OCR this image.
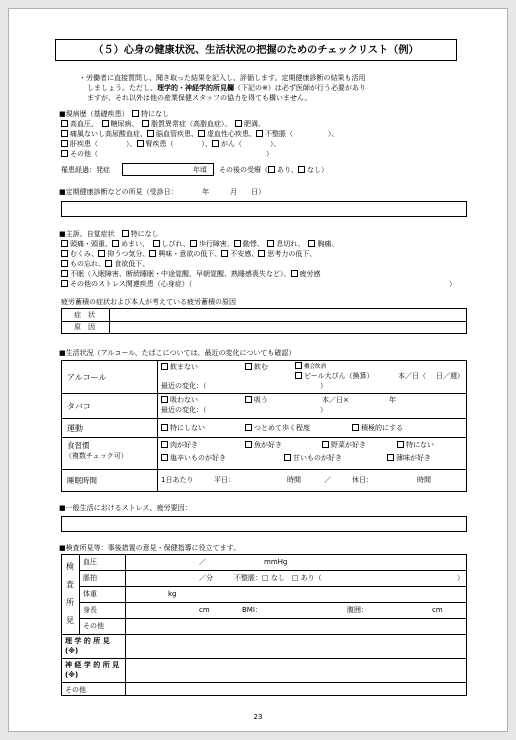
（５）心身の健康状況、生活状況の把握のためのチェックリスト（例）
・労働者に直接質問し、聞き取った結果を記入し、評価します。定期健康診断の結果も活用
しましょう。ただし、理学的・神経学的所見欄（下記の※）は必ず医師が行う必要があり
ますが、それ以外は他の産業保健スタッフの協力を得ても構いません。
■現病歴（基礎疾患）　 特になし
高血圧、　 糖尿病、　 脂質異常症（高脂血症）、　 肥満、
痛風ないし高尿酸血症、 脳血管疾患、 虚血性心疾患、 不整脈（　　　　　	）、
肝疾患（　　　　	）、 腎疾患（　　　　	）、 がん（　　　　	）、
その他（　　　　　　　　　　　　　　　　　　　　　　　　	）
罹患経過：発症	年頃 その後の受療（ あり、 なし）
■定期健康診断などの所見（受診日：　　　　	年　　　	月　　 日）
■主訴、自覚症状　 特になし
頭痛・頭重、 めまい、　 しびれ、 歩行障害、 動悸、　 息切れ、　 胸痛、
むくみ、 抑うつ気分、 興味・意欲の低下、 不安感、 思考力の低下、
もの忘れ、 食欲低下、
不眠（入眠障害、断続睡眠・中途覚醒、早朝覚醒、熟睡感喪失など）、 疲労感
その他のストレス関連疾患（心身症）（	）
疲労蓄積の症状および本人が考えている疲労蓄積の原因
症　状
原　因
■生活状況（アルコール、たばこについては、最近の変化についても確認）
アルコール
飲まない	飲む	機会飲酒
ビール大びん（換算）	本／日（ 日／週）
最近の変化：（	）
タバコ
吸わない	吸う	本／日×	年
最近の変化：（	）
運動	特にしない	つとめて歩く程度	積極的にする
食習慣
（複数チェック可）
肉が好き	魚が好き	野菜が好き	特にない
塩辛いものが好き	甘いものが好き	薄味が好き
睡眠時間	1日あたり	平日：	時間	／	休日：	時間
■一般生活におけるストレス、疲労要因：
■検査所見等：事後措置の意見・保健指導に役立てます。
検
査
所
見
血圧	／	mmHg
脈拍	／分	不整脈：□ なし　□ あり（	）
体重	kg
身長	cm	BMI：	腹囲：	cm
その他
理 学 的 所 見
(※)
神 経 学 的 所 見
(※)
その他
23
